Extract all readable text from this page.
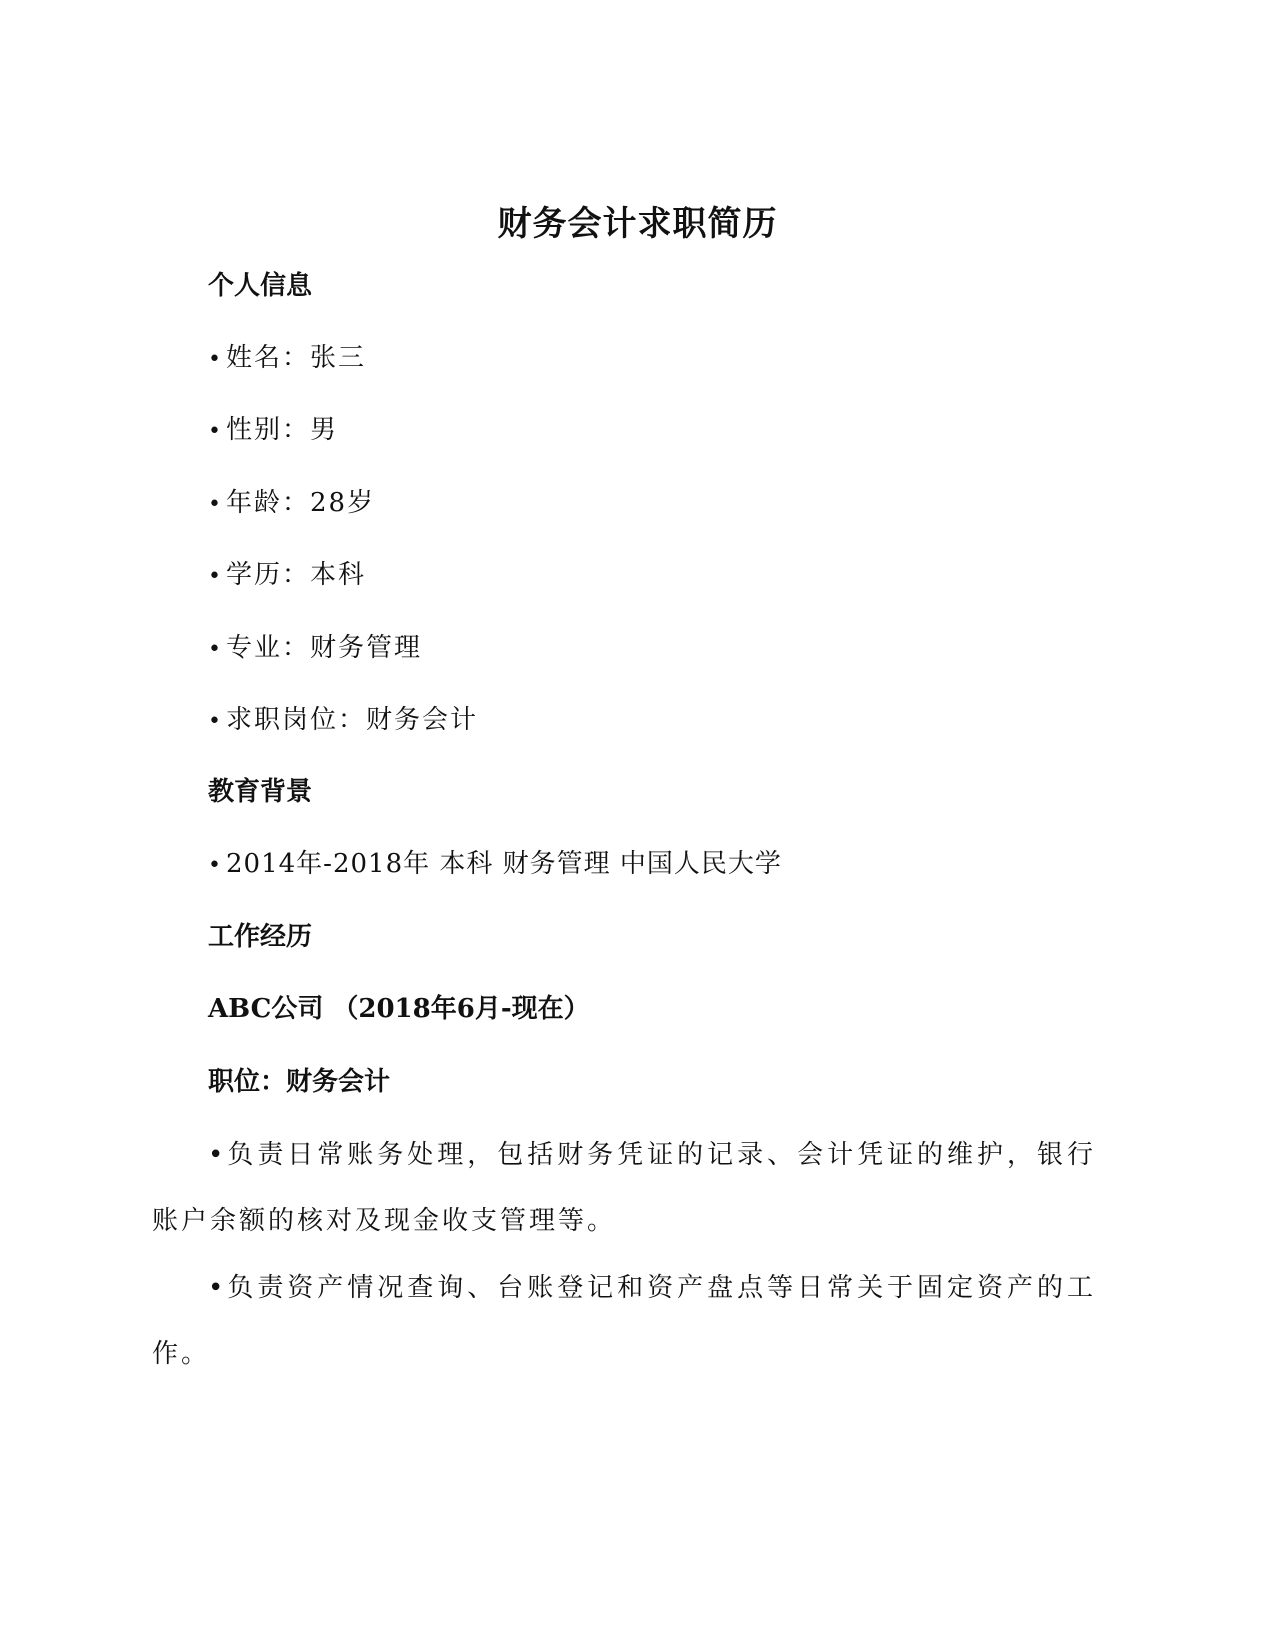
财务会计求职简历
个人信息
• 姓名：张三
• 性别：男
• 年龄：28岁
• 学历：本科
• 专业：财务管理
• 求职岗位：财务会计
教育背景
• 2014年-2018年 本科 财务管理 中国人民大学
工作经历
ABC公司 （2018年6月-现在）
职位：财务会计
•负责日常账务处理，包括财务凭证的记录、会计凭证的维护，银行账户余额的核对及现金收支管理等。
•负责资产情况查询、台账登记和资产盘点等日常关于固定资产的工作。
